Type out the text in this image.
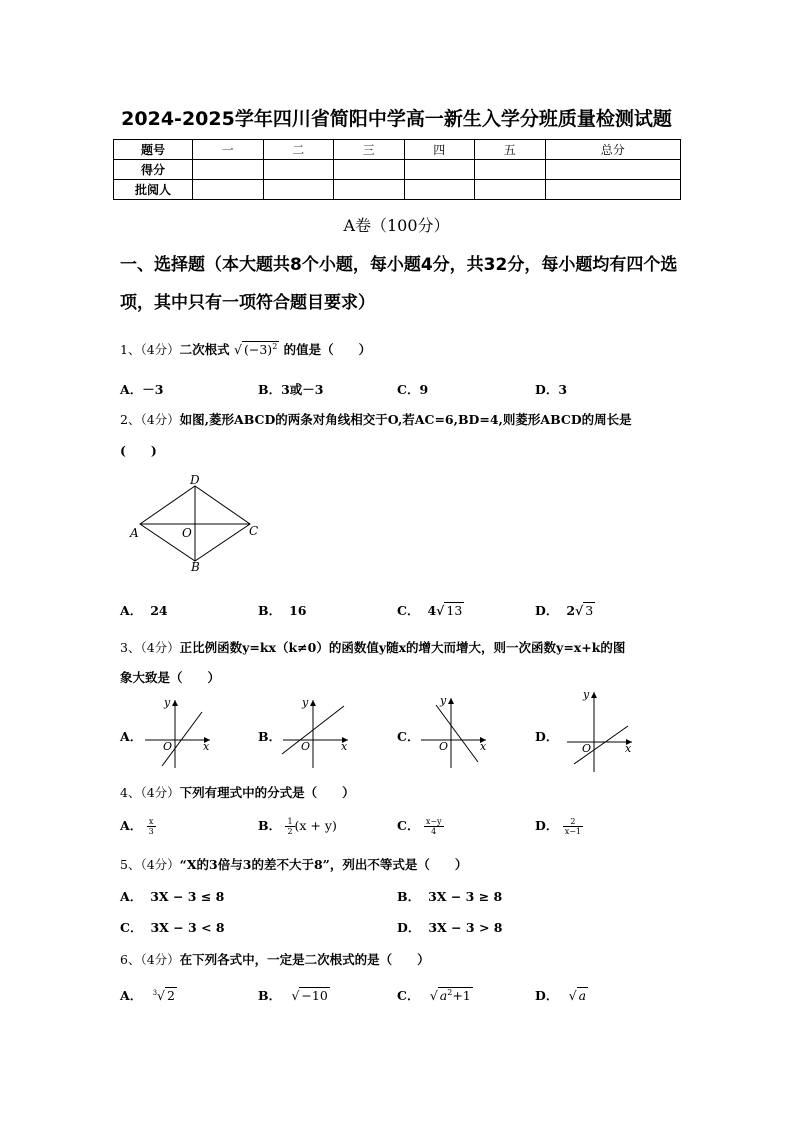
2024-2025学年四川省简阳中学高一新生入学分班质量检测试题
题号	一	二	三	四	五	总分
得分						
批阅人						
A卷（100分）
一、选择题（本大题共8个小题，每小题4分，共32分，每小题均有四个选项，其中只有一项符合题目要求）
1、（4分）二次根式 √ $(-3)^2$ 的值是（　　）
A．－3	B．3或－3	C．9	D．3
2、（4分）如图,菱形ABCD的两条对角线相交于O,若AC=6,BD=4,则菱形ABCD的周长是
(　　)
D
A	O	C
B
A． 24	B． 16	C． 4√ 13	D． 2√ 3
3、（4分）正比例函数y=kx（k≠0）的函数值y随x的增大而增大，则一次函数y=x+k的图
象大致是（　　）
A．
y
x
O
B．
y
x
O
C．
y
x
O
D．
y
x
O
4、（4分）下列有理式中的分式是（　　）
A． $\frac{x}{3}$	B． $\frac{1}{2} (x + y)$	C． $\frac{x-y}{4}$	D． $\frac{2}{x-1}$
5、（4分）“X的3倍与3的差不大于8”，列出不等式是（　　）
A． 3X − 3 ≤ 8	B． 3X − 3 ≥ 8
C． 3X − 3 < 8	D． 3X − 3 > 8
6、（4分）在下列各式中，一定是二次根式的是（　　）
A． $^3$√ 2	B． √ −10	C． √ $a^2+1$	D． √ a
